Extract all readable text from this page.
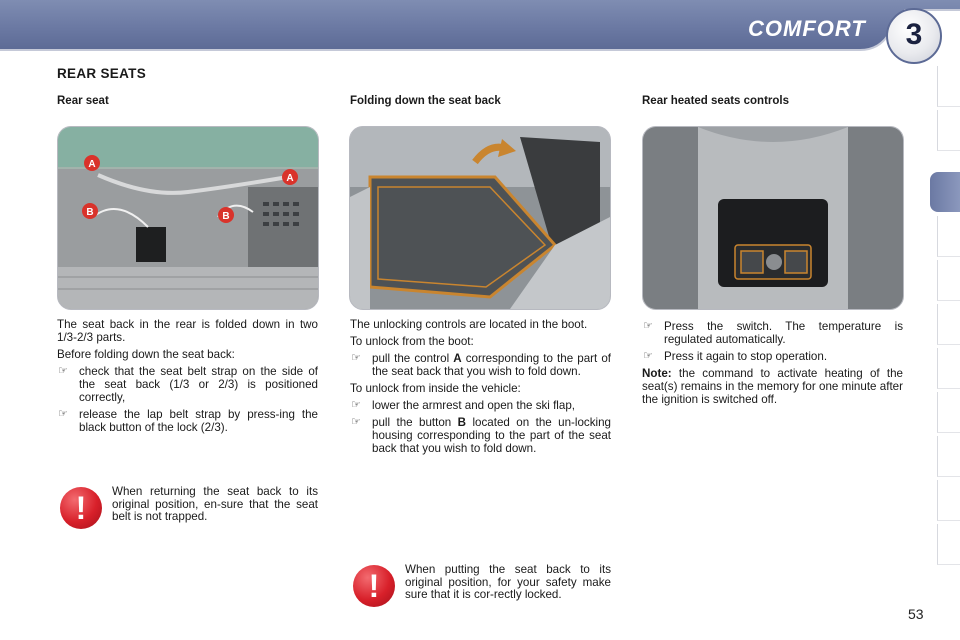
COMFORT	3
REAR SEATS
Rear seat	Folding down the seat back	Rear heated seats controls
A
A
B	B

The seat back in the rear is folded down in two 1/3-2/3 parts.

Before folding down the seat back:

☞ check that the seat belt strap on the side of the seat back (1/3 or 2/3) is positioned correctly,
☞ release the lap belt strap by press-ing the black button of the lock (2/3).
!	When returning the seat back to its original position, en-sure that the seat belt is not trapped.

The unlocking controls are located in the boot.

To unlock from the boot:

☞ pull the control A corresponding to the part of the seat back that you wish to fold down.

To unlock from inside the vehicle:

☞ lower the armrest and open the ski flap,
☞ pull the button B located on the un-locking housing corresponding to the part of the seat back that you wish to fold down.
!	When putting the seat back to its original position, for your safety make sure that it is cor-rectly locked.
☞ Press the switch. The temperature is regulated automatically.
☞ Press it again to stop operation.

Note: the command to activate heating of the seat(s) remains in the memory for one minute after the ignition is switched off.

53
